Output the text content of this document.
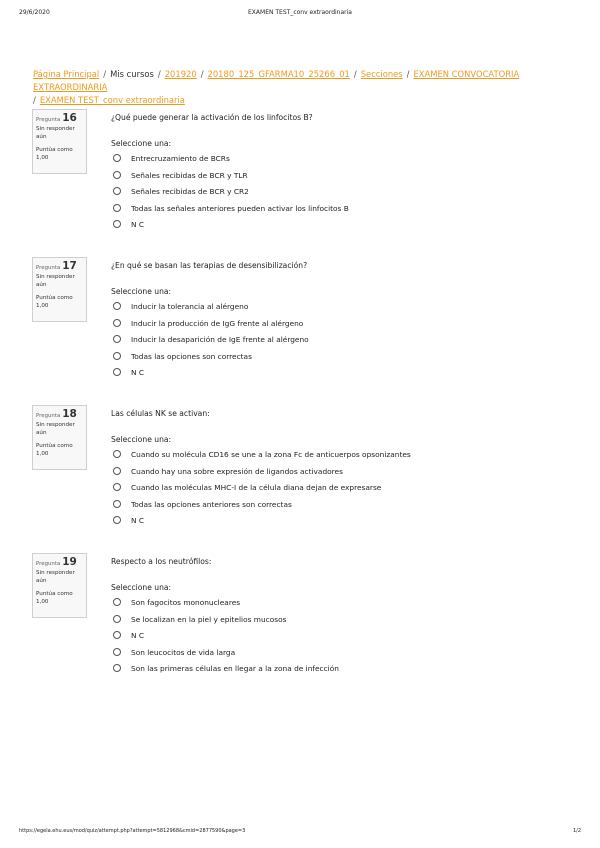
29/6/2020	EXAMEN TEST_conv extraordinaria
Página Principal / Mis cursos / 201920 / 20180_125_GFARMA10_25266_01 / Secciones / EXAMEN CONVOCATORIA EXTRAORDINARIA
/ EXAMEN TEST_conv extraordinaria
Pregunta 16
Sin responder aún
Puntúa como 1,00
¿Qué puede generar la activación de los linfocitos B?
Seleccione una:
Entrecruzamiento de BCRs
Señales recibidas de BCR y TLR
Señales recibidas de BCR y CR2
Todas las señales anteriores pueden activar los linfocitos B
N C
Pregunta 17
Sin responder aún
Puntúa como 1,00
¿En qué se basan las terapias de desensibilización?
Seleccione una:
Inducir la tolerancia al alérgeno
Inducir la producción de IgG frente al alérgeno
Inducir la desaparición de IgE frente al alérgeno
Todas las opciones son correctas
N C
Pregunta 18
Sin responder aún
Puntúa como 1,00
Las células NK se activan:
Seleccione una:
Cuando su molécula CD16 se une a la zona Fc de anticuerpos opsonizantes
Cuando hay una sobre expresión de ligandos activadores
Cuando las moléculas MHC-I de la célula diana dejan de expresarse
Todas las opciones anteriores son correctas
N C
Pregunta 19
Sin responder aún
Puntúa como 1,00
Respecto a los neutrófilos:
Seleccione una:
Son fagocitos mononucleares
Se localizan en la piel y epitelios mucosos
N C
Son leucocitos de vida larga
Son las primeras células en llegar a la zona de infección
https://egela.ehu.eus/mod/quiz/attempt.php?attempt=5812968&cmid=2877590&page=3	1/2
